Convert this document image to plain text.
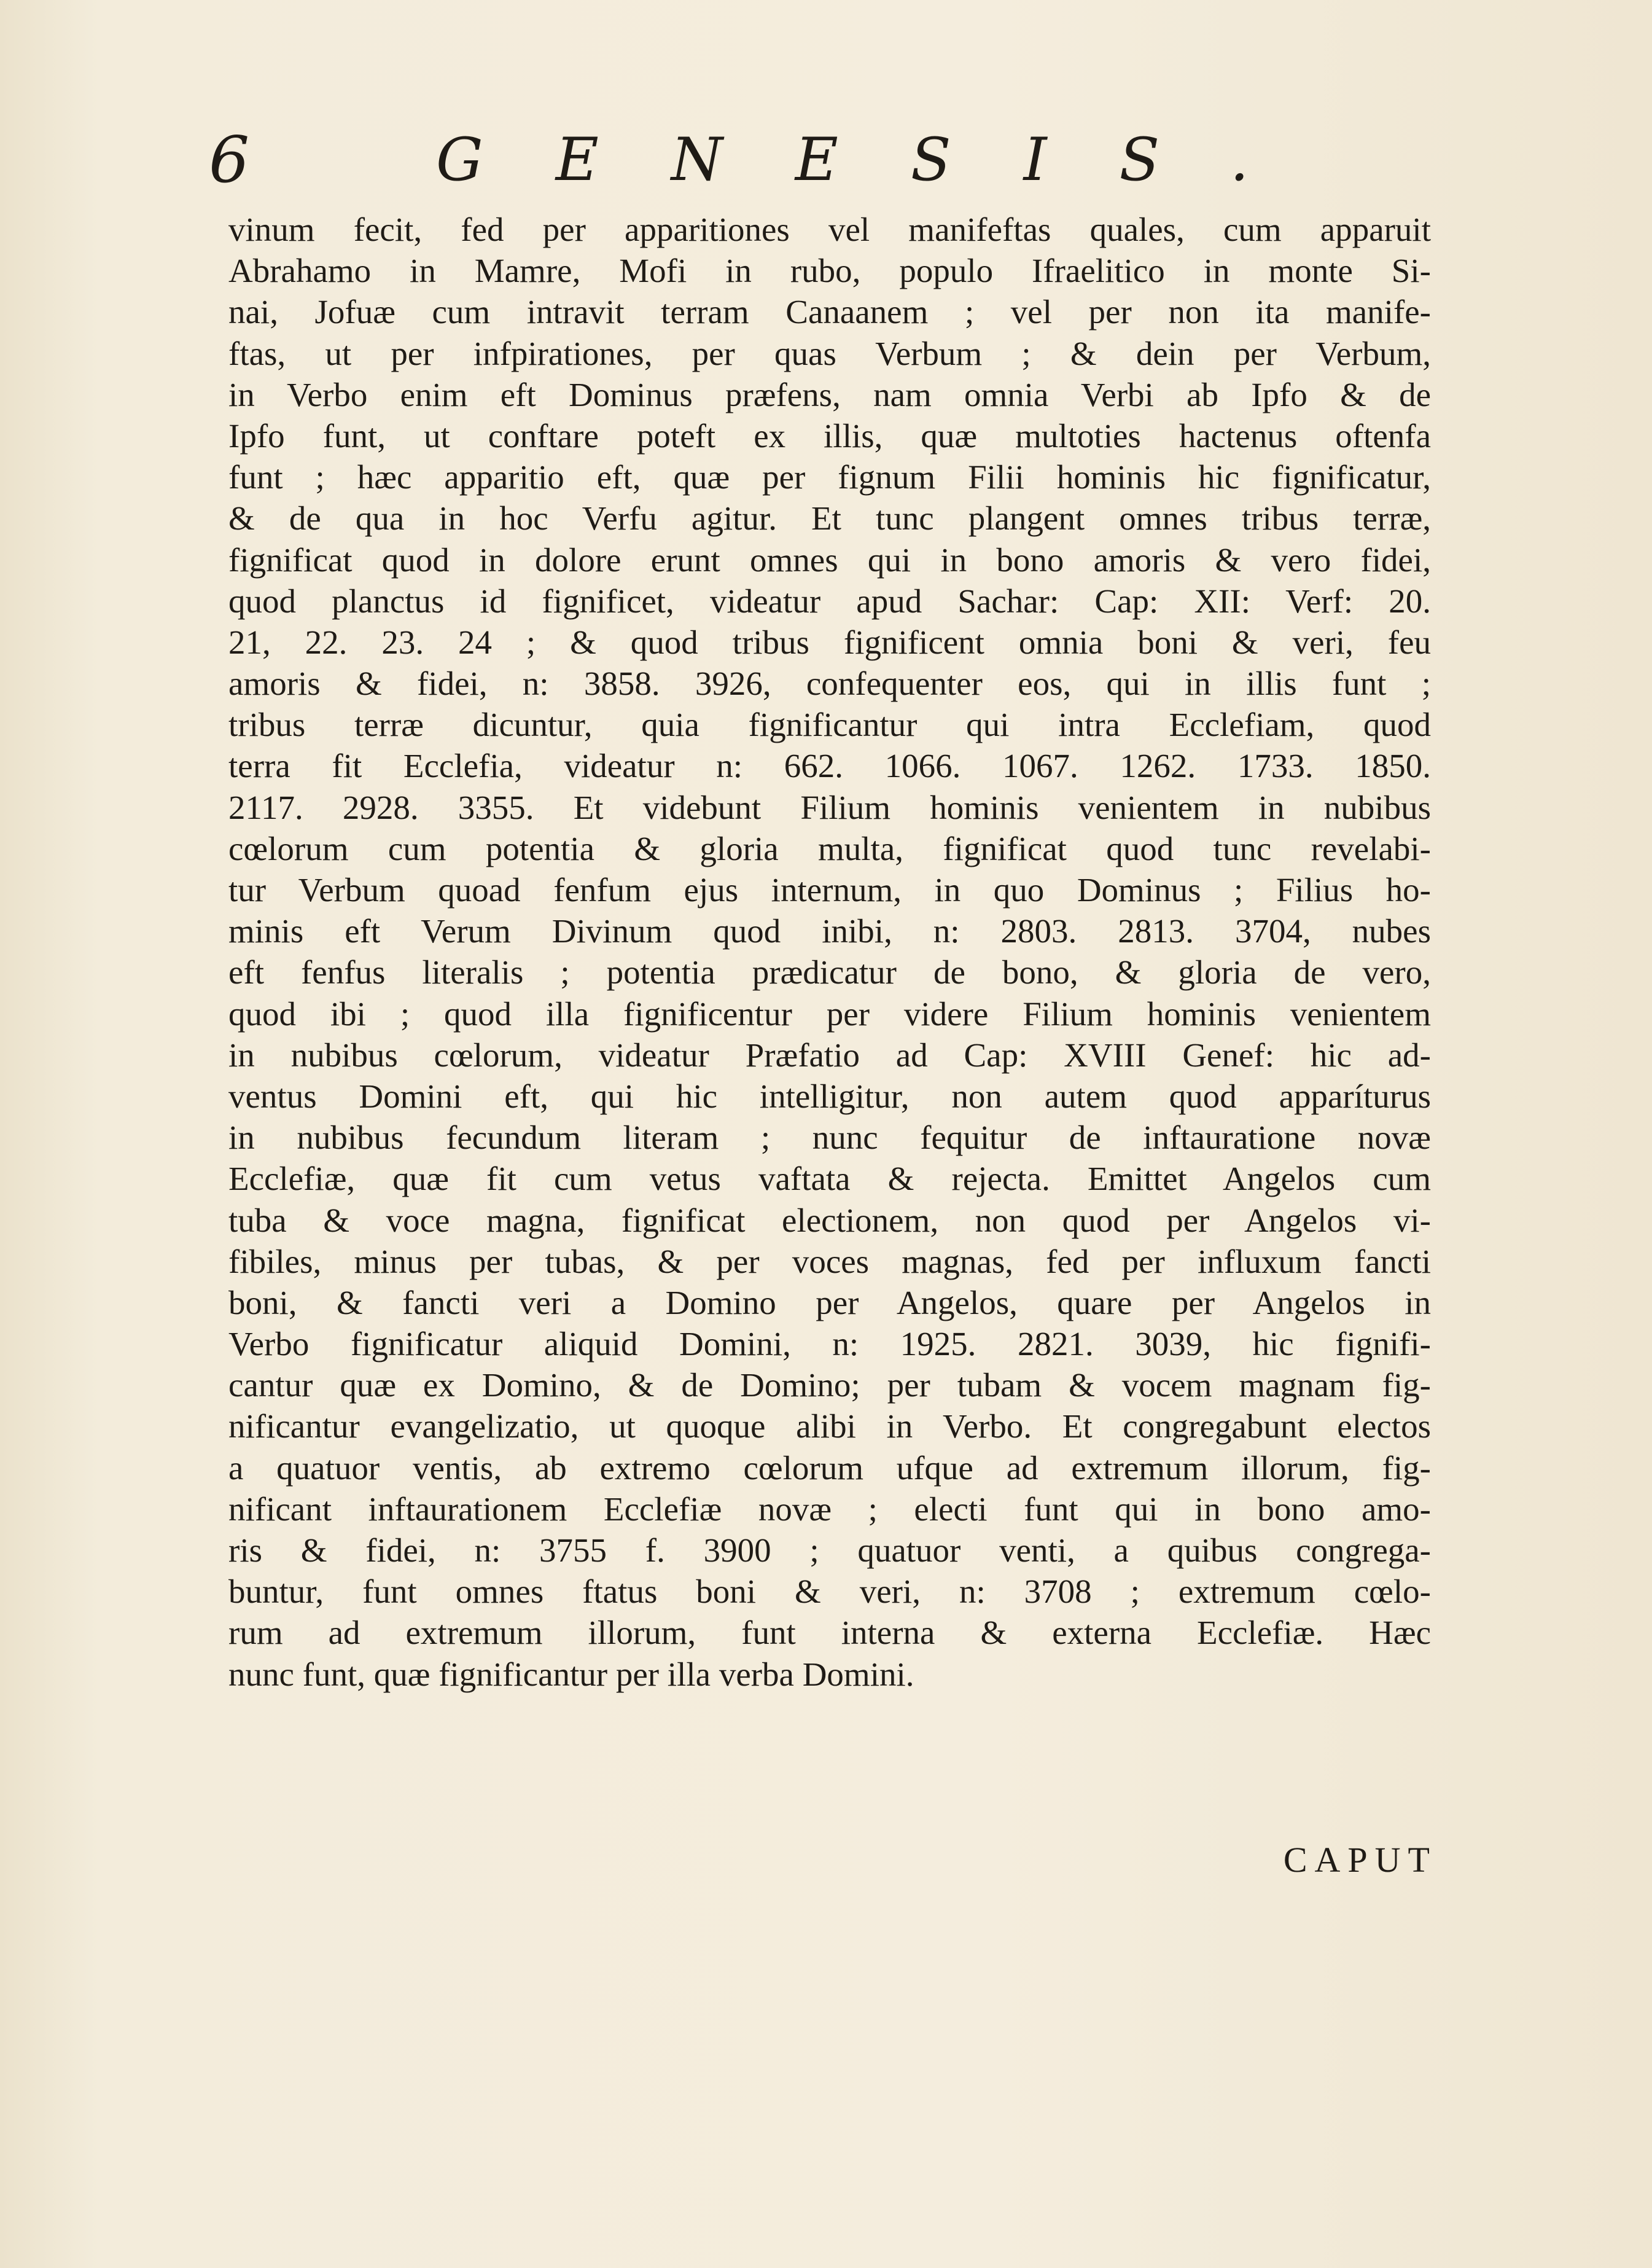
6	GENESIS.
vinum fecit, fed per apparitiones vel manifeftas quales, cum apparuit
Abrahamo in Mamre, Mofi in rubo, populo Ifraelitico in monte Si-
nai, Jofuæ cum intravit terram Canaanem ; vel per non ita manife-
ftas, ut per infpirationes, per quas Verbum ; & dein per Verbum,
in Verbo enim eft Dominus præfens, nam omnia Verbi ab Ipfo & de
Ipfo funt, ut conftare poteft ex illis, quæ multoties hactenus oftenfa
funt ; hæc apparitio eft, quæ per fignum Filii hominis hic fignificatur,
& de qua in hoc Verfu agitur. Et tunc plangent omnes tribus terræ,
fignificat quod in dolore erunt omnes qui in bono amoris & vero fidei,
quod planctus id fignificet, videatur apud Sachar: Cap: XII: Verf: 20.
21, 22. 23. 24 ; & quod tribus fignificent omnia boni & veri, feu
amoris & fidei, n: 3858. 3926, confequenter eos, qui in illis funt ;
tribus terræ dicuntur, quia fignificantur qui intra Ecclefiam, quod
terra fit Ecclefia, videatur n: 662. 1066. 1067. 1262. 1733. 1850.
2117. 2928. 3355. Et videbunt Filium hominis venientem in nubibus
cœlorum cum potentia & gloria multa, fignificat quod tunc revelabi-
tur Verbum quoad fenfum ejus internum, in quo Dominus ; Filius ho-
minis eft Verum Divinum quod inibi, n: 2803. 2813. 3704, nubes
eft fenfus literalis ; potentia prædicatur de bono, & gloria de vero,
quod ibi ; quod illa fignificentur per videre Filium hominis venientem
in nubibus cœlorum, videatur Præfatio ad Cap: XVIII Genef: hic ad-
ventus Domini eft, qui hic intelligitur, non autem quod apparíturus
in nubibus fecundum literam ; nunc fequitur de inftauratione novæ
Ecclefiæ, quæ fit cum vetus vaftata & rejecta. Emittet Angelos cum
tuba & voce magna, fignificat electionem, non quod per Angelos vi-
fibiles, minus per tubas, & per voces magnas, fed per influxum fancti
boni, & fancti veri a Domino per Angelos, quare per Angelos in
Verbo fignificatur aliquid Domini, n: 1925. 2821. 3039, hic fignifi-
cantur quæ ex Domino, & de Domino; per tubam & vocem magnam fig-
nificantur evangelizatio, ut quoque alibi in Verbo. Et congregabunt electos
a quatuor ventis, ab extremo cœlorum ufque ad extremum illorum, fig-
nificant inftaurationem Ecclefiæ novæ ; electi funt qui in bono amo-
ris & fidei, n: 3755 f. 3900 ; quatuor venti, a quibus congrega-
buntur, funt omnes ftatus boni & veri, n: 3708 ; extremum cœlo-
rum ad extremum illorum, funt interna & externa Ecclefiæ. Hæc
nunc funt, quæ fignificantur per illa verba Domini.
CAPUT
